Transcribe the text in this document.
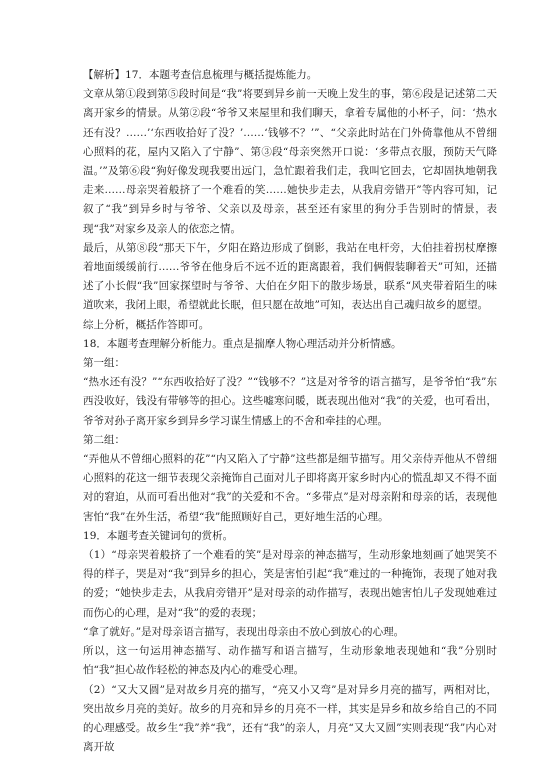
【解析】17．本题考查信息梳理与概括提炼能力。

文章从第①段到第⑤段时间是“我”将要到异乡前一天晚上发生的事，第⑥段是记述第二天离开家乡的情景。从第②段“爷爷又来屋里和我们聊天，拿着专属他的小杯子，问：‘热水还有没？……’‘东西收拾好了没？’……‘钱够不？’”、“父亲此时站在门外倚靠他从不曾细心照料的花，屋内又陷入了宁静”、第③段“母亲突然开口说：‘多带点衣服，预防天气降温。’”及第⑥段“狗好像发现我要出远门，急忙跟着我们走，我叫它回去，它却固执地朝我走来……母亲哭着般挤了一个难看的笑……她快步走去，从我肩旁错开”等内容可知，记叙了“我”到异乡时与爷爷、父亲以及母亲，甚至还有家里的狗分手告别时的情景，表现“我”对家乡及亲人的依恋之情。

最后，从第⑧段“那天下午，夕阳在路边形成了倒影，我站在电杆旁，大伯挂着拐杖摩擦着地面缓缓前行……爷爷在他身后不远不近的距离跟着，我们俩假装聊着天”可知，还描述了小长假“我”回家探望时与爷爷、大伯在夕阳下的散步场景，联系“风夹带着陌生的味道吹来，我闭上眼，希望就此长眠，但只愿在故地”可知，表达出自己魂归故乡的愿望。

综上分析，概括作答即可。

18．本题考查理解分析能力。重点是揣摩人物心理活动并分析情感。

第一组：

“热水还有没？”“东西收拾好了没？”“钱够不？”这是对爷爷的语言描写，是爷爷怕“我”东西没收好，钱没有带够等的担心。这些嘘寒问暖，既表现出他对“我”的关爱，也可看出，爷爷对孙子离开家乡到异乡学习谋生情感上的不舍和牵挂的心理。

第二组：

“弄他从不曾细心照料的花”“内又陷入了宁静”这些都是细节描写。用父亲侍弄他从不曾细心照料的花这一细节表现父亲掩饰自己面对儿子即将离开家乡时内心的慌乱却又不得不面对的窘迫，从而可看出他对“我”的关爱和不舍。“多带点”是对母亲附和母亲的话，表现他害怕“我”在外生活，希望“我”能照顾好自己，更好地生活的心理。

19．本题考查关键词句的赏析。

（1）“母亲哭着般挤了一个难看的笑”是对母亲的神态描写，生动形象地刻画了她哭笑不得的样子，哭是对“我”到异乡的担心，笑是害怕引起“我”难过的一种掩饰，表现了她对我的爱；“她快步走去，从我肩旁错开”是对母亲的动作描写，表现出她害怕儿子发现她难过而伤心的心理，是对“我”的爱的表现；

“拿了就好。”是对母亲语言描写，表现出母亲由不放心到放心的心理。

所以，这一句运用神态描写、动作描写和语言描写，生动形象地表现她和“我”分别时怕“我”担心故作轻松的神态及内心的难受心理。

（2）“又大又圆”是对故乡月亮的描写，“亮又小又弯”是对异乡月亮的描写，两相对比，突出故乡月亮的美好。故乡的月亮和异乡的月亮不一样，其实是异乡和故乡给自己的不同的心理感受。故乡生“我”养“我”，还有“我”的亲人，月亮“又大又圆”实则表现“我”内心对离开故
